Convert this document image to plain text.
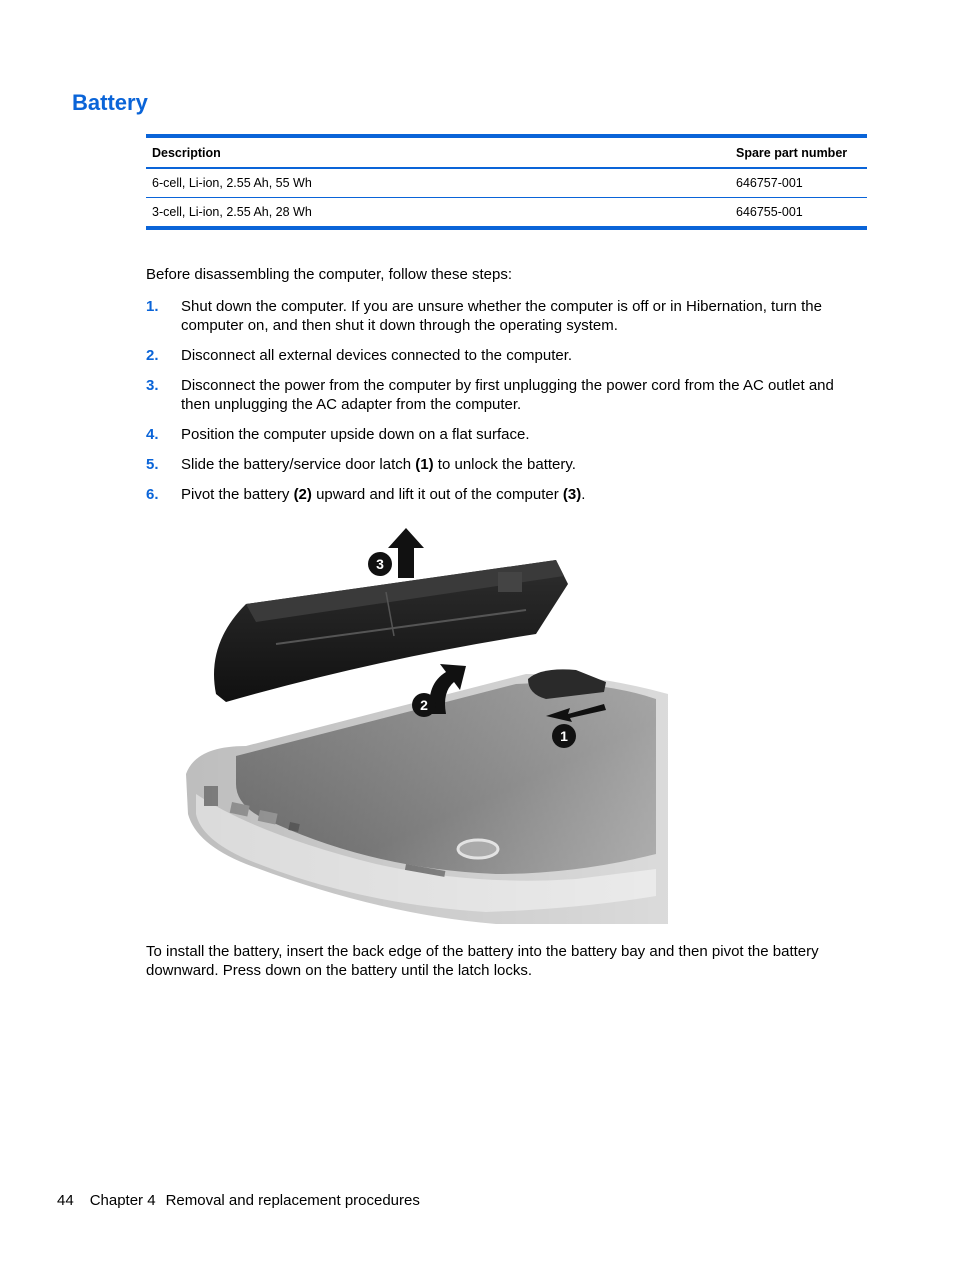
Battery
Description	Spare part number
6-cell, Li-ion, 2.55 Ah, 55 Wh	646757-001
3-cell, Li-ion, 2.55 Ah, 28 Wh	646755-001

Before disassembling the computer, follow these steps:

1. Shut down the computer. If you are unsure whether the computer is off or in Hibernation, turn the computer on, and then shut it down through the operating system.
2. Disconnect all external devices connected to the computer.
3. Disconnect the power from the computer by first unplugging the power cord from the AC outlet and then unplugging the AC adapter from the computer.
4. Position the computer upside down on a flat surface.
5. Slide the battery/service door latch (1) to unlock the battery.
6. Pivot the battery (2) upward and lift it out of the computer (3).
3
2
1

To install the battery, insert the back edge of the battery into the battery bay and then pivot the battery downward. Press down on the battery until the latch locks.

44 Chapter 4 Removal and replacement procedures
